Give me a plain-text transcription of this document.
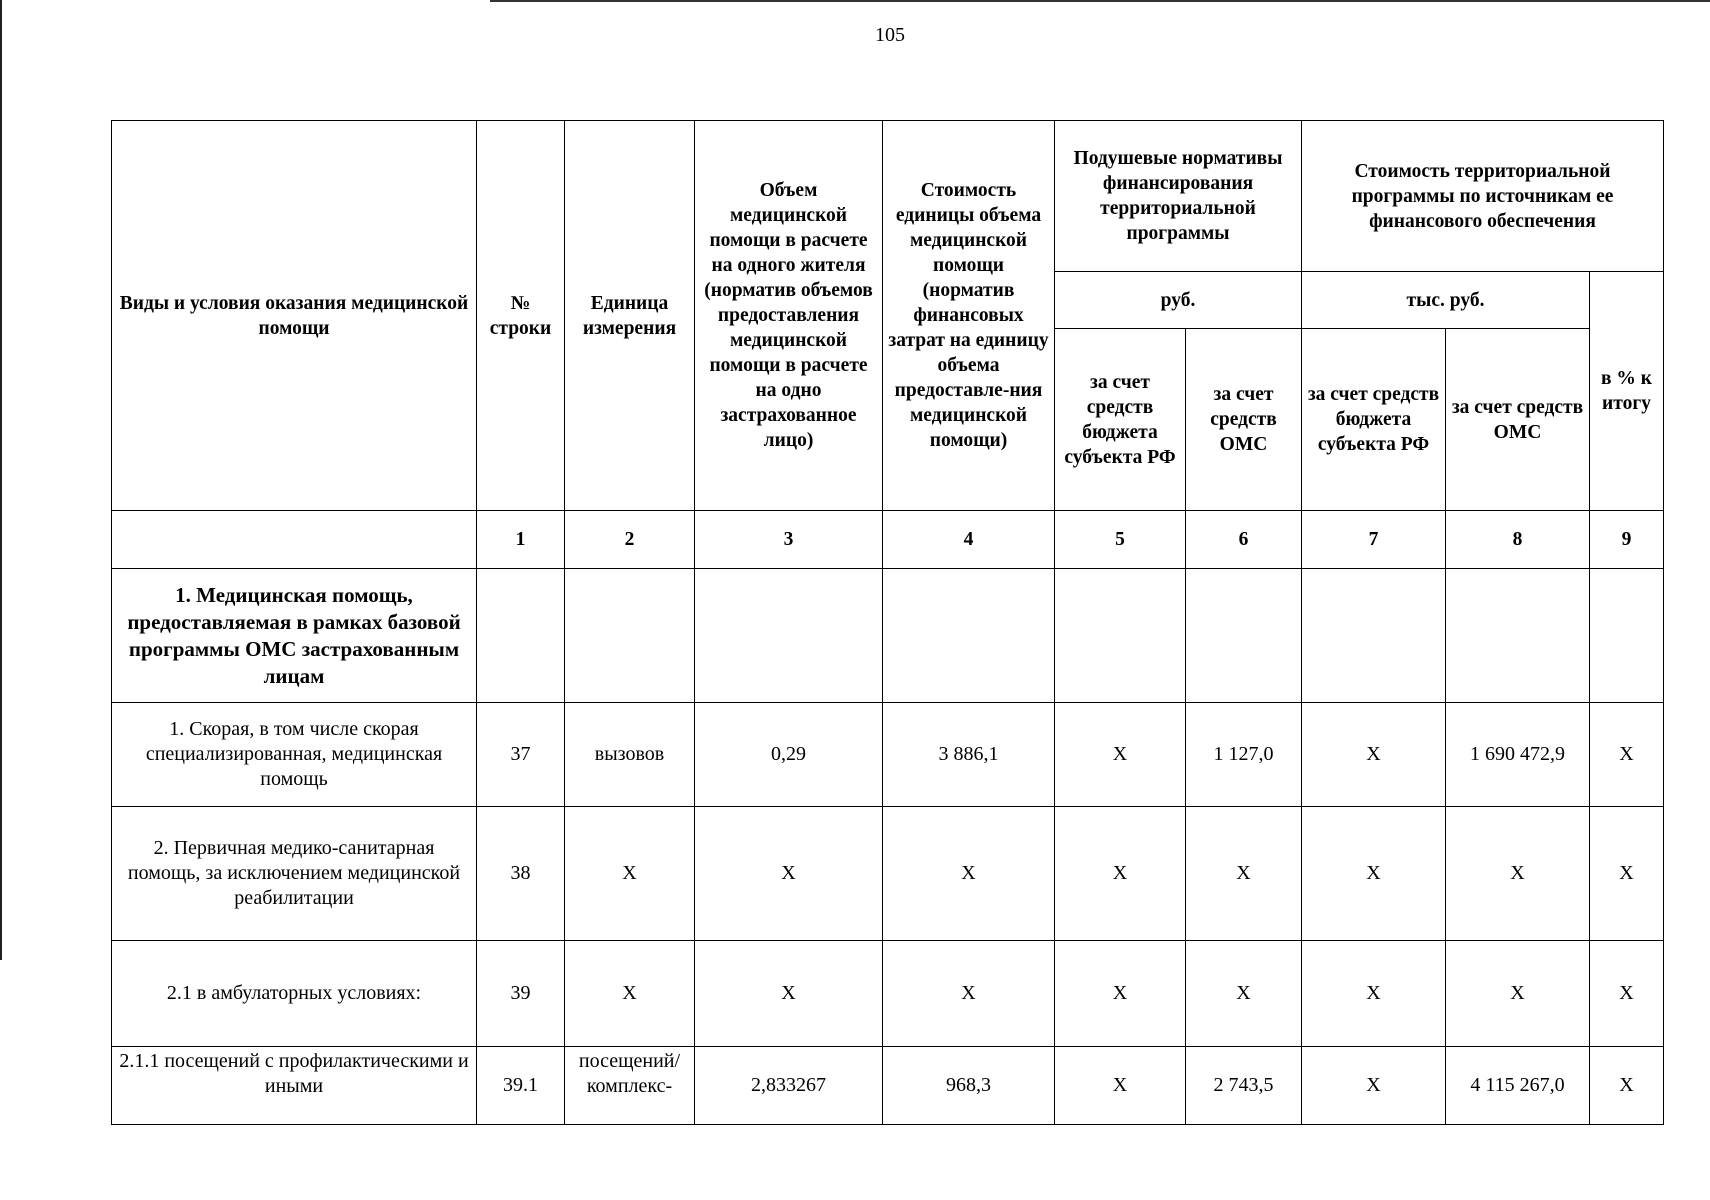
105
Виды и условия оказания медицинской помощи	№ строки	Единица измерения	Объем медицинской помощи в расчете на одного жителя (норматив объемов предоставления медицинской помощи в расчете на одно застрахованное лицо)	Стоимость единицы объема медицинской помощи (норматив финансовых затрат на единицу объема предоставле-ния медицинской помощи)	Подушевые нормативы финансирования территориальной программы		Стоимость территориальной программы по источникам ее финансового обеспечения		
					руб.		тыс. руб.		в % к итогу
					за счет средств бюджета субъекта РФ	за счет средств ОМС	за счет средств бюджета субъекта РФ	за счет средств ОМС	
	1	2	3	4	5	6	7	8	9
1. Медицинская помощь, предоставляемая в рамках базовой программы ОМС застрахованным лицам									
1. Скорая, в том числе скорая специализированная, медицинская помощь	37	вызовов	0,29	3 886,1	X	1 127,0	X	1 690 472,9	X
2. Первичная медико-санитарная помощь, за исключением медицинской реабилитации	38	X	X	X	X	X	X	X	X
2.1 в амбулаторных условиях:	39	X	X	X	X	X	X	X	X
2.1.1 посещений с профилактическими и иными	39.1	посещений/ комплекс-	2,833267	968,3	X	2 743,5	X	4 115 267,0	X
